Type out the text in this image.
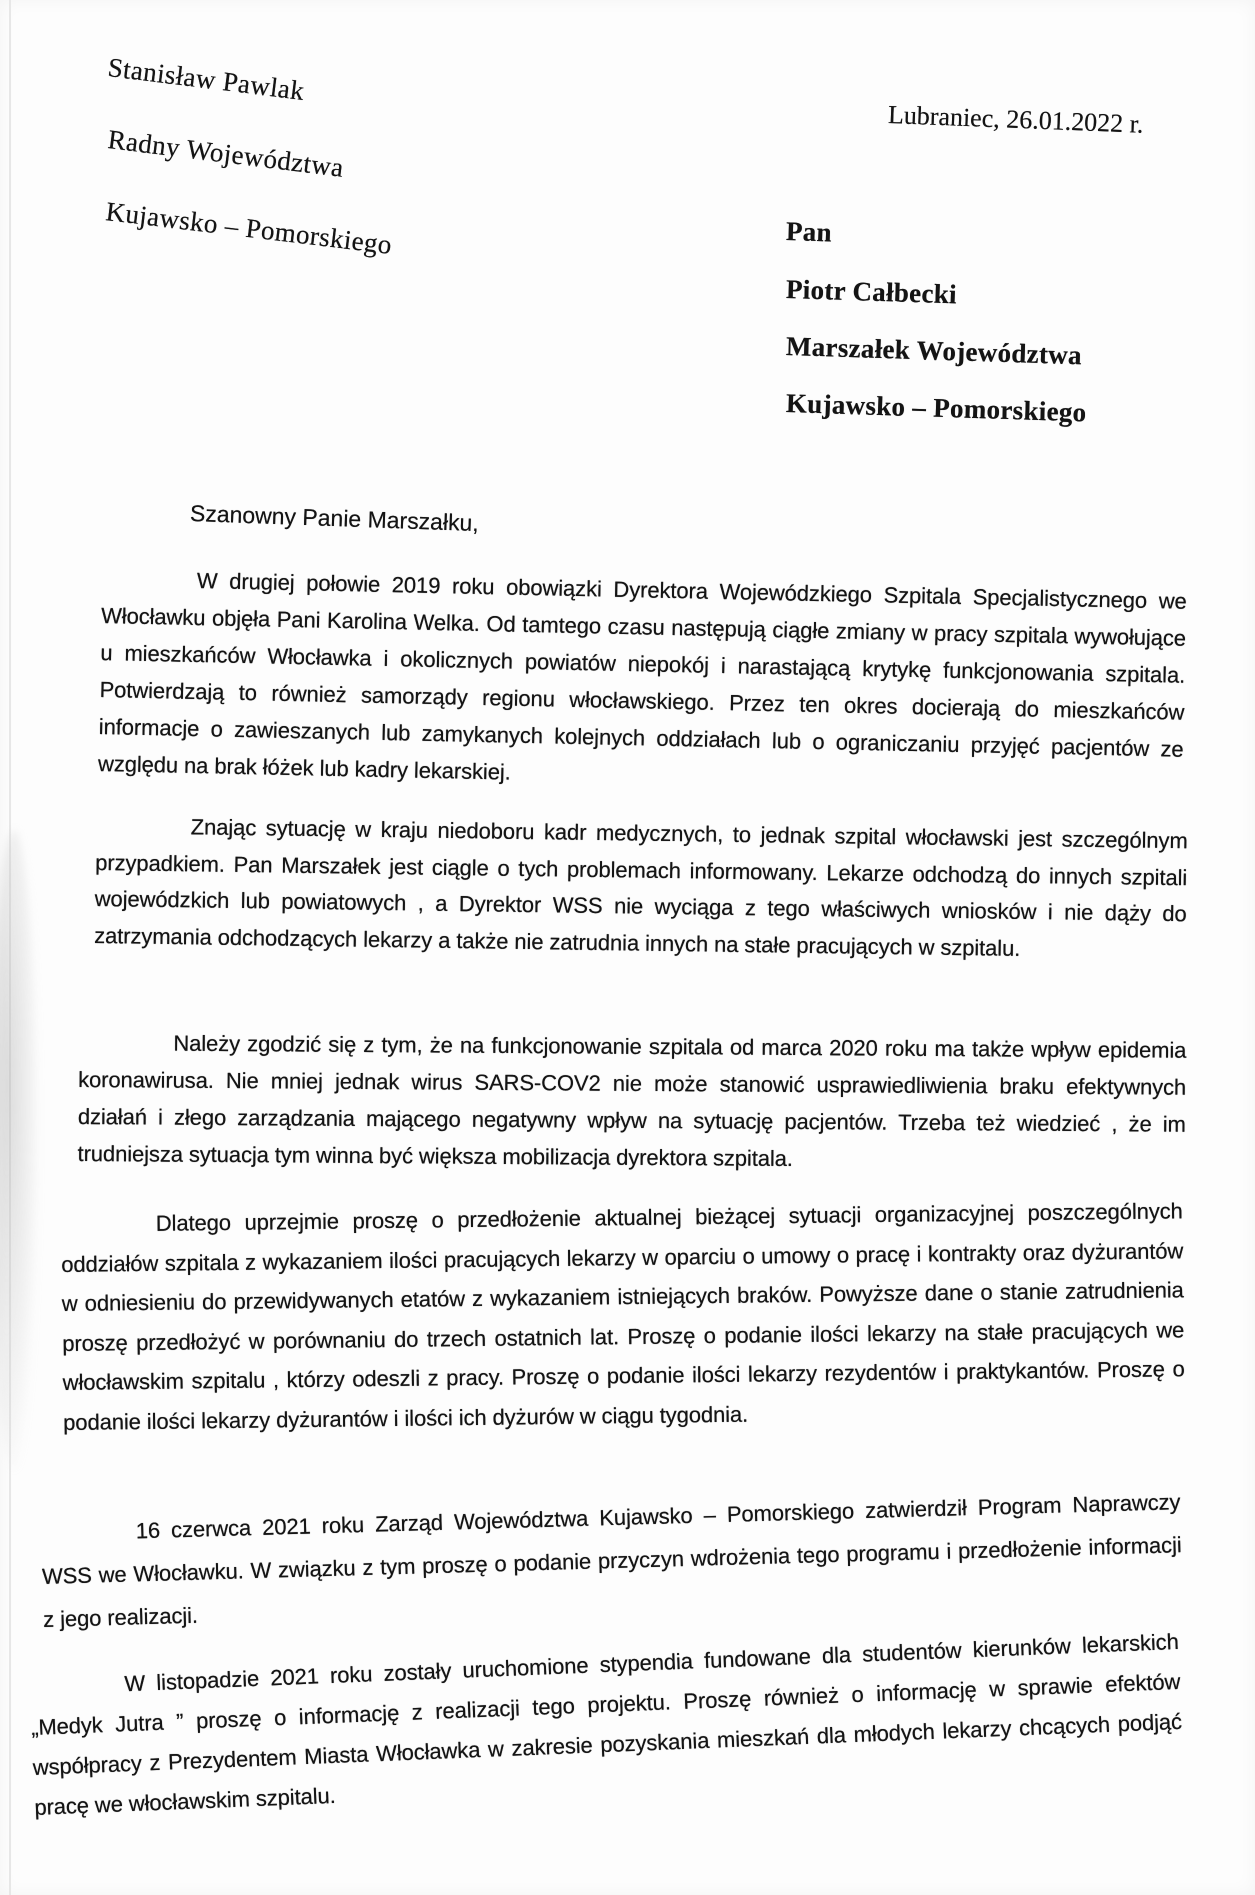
Stanisław Pawlak
Radny Województwa
Kujawsko – Pomorskiego
Lubraniec, 26.01.2022 r.
Pan
Piotr Całbecki
Marszałek Województwa
Kujawsko – Pomorskiego
Szanowny Panie Marszałku,

W drugiej połowie 2019 roku obowiązki Dyrektora Wojewódzkiego Szpitala Specjalistycznego we Włocławku objęła Pani Karolina Welka. Od tamtego czasu następują ciągłe zmiany w pracy szpitala wywołujące u mieszkańców Włocławka i okolicznych powiatów niepokój i narastającą krytykę funkcjonowania szpitala. Potwierdzają to również samorządy regionu włocławskiego. Przez ten okres docierają do mieszkańców informacje o zawieszanych lub zamykanych kolejnych oddziałach lub o ograniczaniu przyjęć pacjentów ze względu na brak łóżek lub kadry lekarskiej.

Znając sytuację w kraju niedoboru kadr medycznych, to jednak szpital włocławski jest szczególnym przypadkiem. Pan Marszałek jest ciągle o tych problemach informowany. Lekarze odchodzą do innych szpitali wojewódzkich lub powiatowych , a Dyrektor WSS nie wyciąga z tego właściwych wniosków i nie dąży do zatrzymania odchodzących lekarzy a także nie zatrudnia innych na stałe pracujących w szpitalu.

Należy zgodzić się z tym, że na funkcjonowanie szpitala od marca 2020 roku ma także wpływ epidemia koronawirusa. Nie mniej jednak wirus SARS-COV2 nie może stanowić usprawiedliwienia braku efektywnych działań i złego zarządzania mającego negatywny wpływ na sytuację pacjentów. Trzeba też wiedzieć , że im trudniejsza sytuacja tym winna być większa mobilizacja dyrektora szpitala.

Dlatego uprzejmie proszę o przedłożenie aktualnej bieżącej sytuacji organizacyjnej poszczególnych oddziałów szpitala z wykazaniem ilości pracujących lekarzy w oparciu o umowy o pracę i kontrakty oraz dyżurantów w odniesieniu do przewidywanych etatów z wykazaniem istniejących braków. Powyższe dane o stanie zatrudnienia proszę przedłożyć w porównaniu do trzech ostatnich lat. Proszę o podanie ilości lekarzy na stałe pracujących we włocławskim szpitalu , którzy odeszli z pracy. Proszę o podanie ilości lekarzy rezydentów i praktykantów. Proszę o podanie ilości lekarzy dyżurantów i ilości ich dyżurów w ciągu tygodnia.

16 czerwca 2021 roku Zarząd Województwa Kujawsko – Pomorskiego zatwierdził Program Naprawczy WSS we Włocławku. W związku z tym proszę o podanie przyczyn wdrożenia tego programu i przedłożenie informacji z jego realizacji.

W listopadzie 2021 roku zostały uruchomione stypendia fundowane dla studentów kierunków lekarskich „Medyk Jutra ” proszę o informację z realizacji tego projektu. Proszę również o informację w sprawie efektów współpracy z Prezydentem Miasta Włocławka w zakresie pozyskania mieszkań dla młodych lekarzy chcących podjąć pracę we włocławskim szpitalu.
